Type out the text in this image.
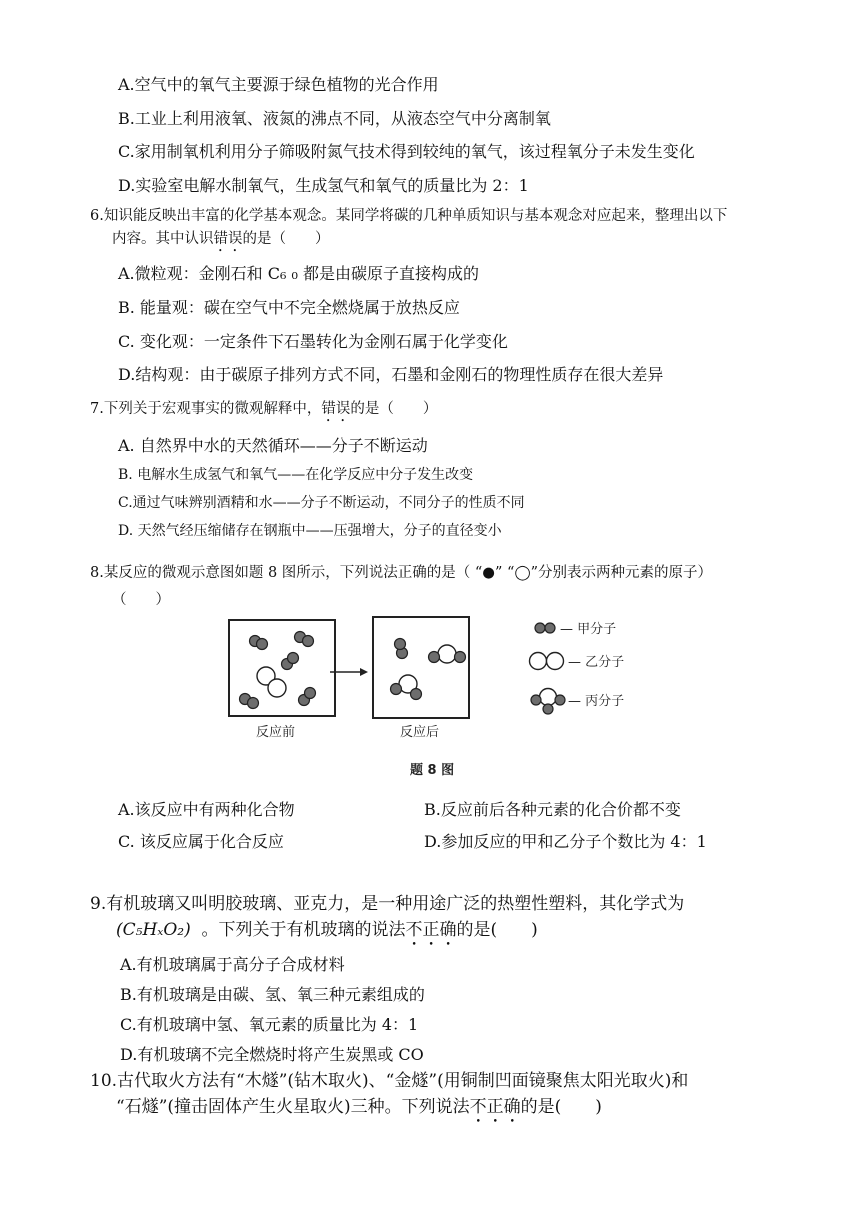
A.空气中的氧气主要源于绿色植物的光合作用
B.工业上利用液氧、液氮的沸点不同，从液态空气中分离制氧
C.家用制氧机利用分子筛吸附氮气技术得到较纯的氧气，该过程氧分子未发生变化
D.实验室电解水制氧气，生成氢气和氧气的质量比为 2：1
6.知识能反映出丰富的化学基本观念。某同学将碳的几种单质知识与基本观念对应起来，整理出以下
内容。其中认识错误的是（　　）
A.微粒观：金刚石和 C₆ ₀ 都是由碳原子直接构成的
B. 能量观：碳在空气中不完全燃烧属于放热反应
C. 变化观：一定条件下石墨转化为金刚石属于化学变化
D.结构观：由于碳原子排列方式不同，石墨和金刚石的物理性质存在很大差异
7.下列关于宏观事实的微观解释中，错误的是（　　）
A. 自然界中水的天然循环——分子不断运动
B. 电解水生成氢气和氧气——在化学反应中分子发生改变
C.通过气味辨别酒精和水——分子不断运动，不同分子的性质不同
D. 天然气经压缩储存在钢瓶中——压强增大，分子的直径变小
8.某反应的微观示意图如题 8 图所示，下列说法正确的是（ “●” “◯”分别表示两种元素的原子）
（　　）
反应前	反应后
— 甲分子
— 乙分子
— 丙分子
题 8 图
A.该反应中有两种化合物	B.反应前后各种元素的化合价都不变
C. 该反应属于化合反应	D.参加反应的甲和乙分子个数比为 4：1
9.有机玻璃又叫明胶玻璃、亚克力，是一种用途广泛的热塑性塑料，其化学式为
(C₅HₓO₂) 。下列关于有机玻璃的说法不正确的是(　　)
A.有机玻璃属于高分子合成材料
B.有机玻璃是由碳、氢、氧三种元素组成的
C.有机玻璃中氢、氧元素的质量比为 4：1
D.有机玻璃不完全燃烧时将产生炭黑或 CO
10.古代取火方法有“木燧”(钻木取火)、“金燧”(用铜制凹面镜聚焦太阳光取火)和
“石燧”(撞击固体产生火星取火)三种。下列说法不正确的是(　　)
